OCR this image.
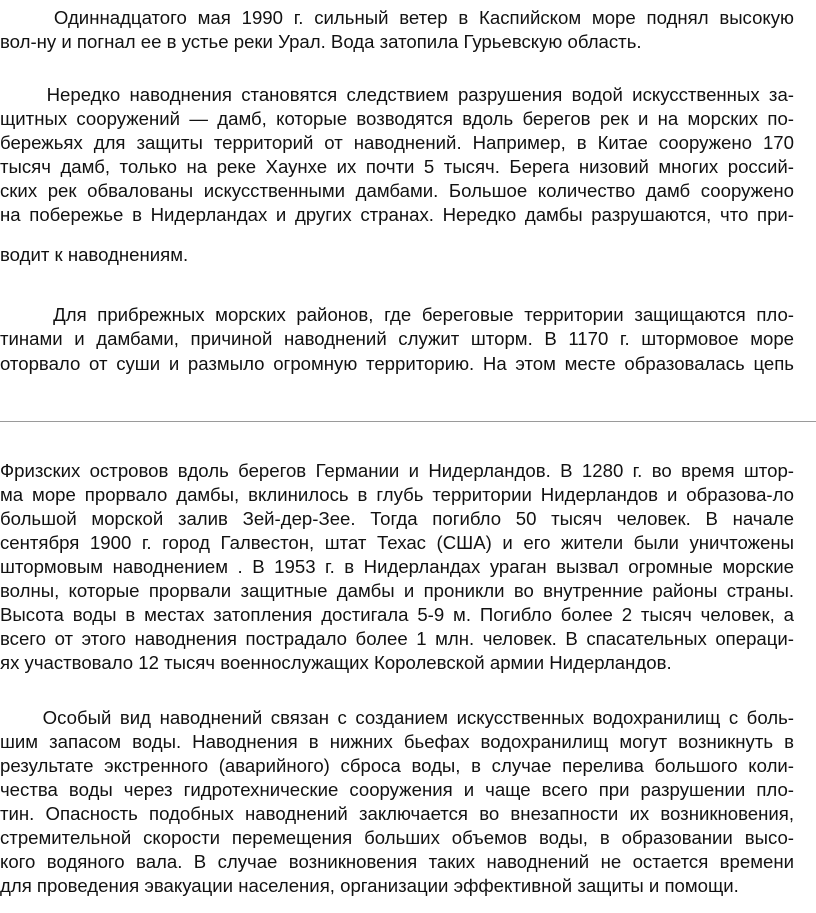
Одиннадцатого мая 1990 г. сильный ветер в Каспийском море поднял высокую
вол-ну и погнал ее в устье реки Урал. Вода затопила Гурьевскую область.
Нередко наводнения становятся следствием разрушения водой искусственных за-
щитных сооружений — дамб, которые возводятся вдоль берегов рек и на морских по-
бережьях для защиты территорий от наводнений. Например, в Китае сооружено 170
тысяч дамб, только на реке Хаунхе их почти 5 тысяч. Берега низовий многих россий-
ских рек обвалованы искусственными дамбами. Большое количество дамб сооружено
на побережье в Нидерландах и других странах. Нередко дамбы разрушаются, что при-
водит к наводнениям.
Для прибрежных морских районов, где береговые территории защищаются пло-
тинами и дамбами, причиной наводнений служит шторм. В 1170 г. штормовое море
оторвало от суши и размыло огромную территорию. На этом месте образовалась цепь
Фризских островов вдоль берегов Германии и Нидерландов. В 1280 г. во время штор-
ма море прорвало дамбы, вклинилось в глубь территории Нидерландов и образова-ло
большой морской залив Зей-дер-Зее. Тогда погибло 50 тысяч человек. В начале
сентября 1900 г. город Галвестон, штат Техас (США) и его жители были уничтожены
штормовым наводнением . В 1953 г. в Нидерландах ураган вызвал огромные морские
волны, которые прорвали защитные дамбы и проникли во внутренние районы страны.
Высота воды в местах затопления достигала 5-9 м. Погибло более 2 тысяч человек, а
всего от этого наводнения пострадало более 1 млн. человек. В спасательных операци-
ях участвовало 12 тысяч военнослужащих Королевской армии Нидерландов.
Особый вид наводнений связан с созданием искусственных водохранилищ с боль-
шим запасом воды. Наводнения в нижних бьефах водохранилищ могут возникнуть в
результате экстренного (аварийного) сброса воды, в случае перелива большого коли-
чества воды через гидротехнические сооружения и чаще всего при разрушении пло-
тин. Опасность подобных наводнений заключается во внезапности их возникновения,
стремительной скорости перемещения больших объемов воды, в образовании высо-
кого водяного вала. В случае возникновения таких наводнений не остается времени
для проведения эвакуации населения, организации эффективной защиты и помощи.
